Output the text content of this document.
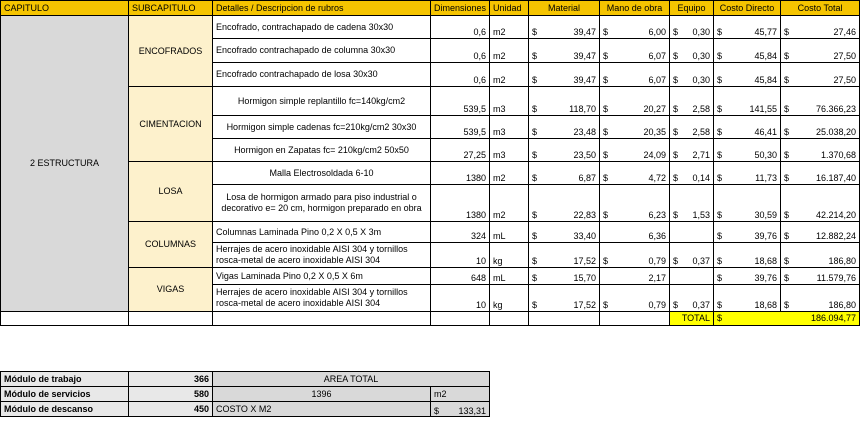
CAPITULO	SUBCAPITULO	Detalles / Descripcion de rubros	Dimensiones	Unidad	Material	Mano de obra	Equipo	Costo Directo	Costo Total
2 ESTRUCTURA	ENCOFRADOS	Encofrado, contrachapado de cadena 30x30	0,6	m2	$ 39,47	$ 6,00	$ 0,30	$ 45,77	$ 27,46

		Encofrado contrachapado de columna 30x30	0,6	m2	$ 39,47	$ 6,07	$ 0,30	$ 45,84	$ 27,50

		Encofrado contrachapado de losa 30x30	0,6	m2	$ 39,47	$ 6,07	$ 0,30	$ 45,84	$ 27,50

	CIMENTACION	Hormigon simple replantillo fc=140kg/cm2	539,5	m3	$ 118,70	$ 20,27	$ 2,58	$ 141,55	$ 76.366,23

		Hormigon simple cadenas fc=210kg/cm2 30x30	539,5	m3	$ 23,48	$ 20,35	$ 2,58	$ 46,41	$ 25.038,20

		Hormigon en Zapatas fc= 210kg/cm2 50x50	27,25	m3	$ 23,50	$ 24,09	$ 2,71	$ 50,30	$ 1.370,68

	LOSA	Malla Electrosoldada 6-10	1380	m2	$ 6,87	$ 4,72	$ 0,14	$ 11,73	$ 16.187,40

		Losa de hormigon armado para piso industrial o decorativo e= 20 cm, hormigon preparado en obra	1380	m2	$ 22,83	$ 6,23	$ 1,53	$ 30,59	$ 42.214,20

	COLUMNAS	Columnas Laminada Pino 0,2 X 0,5 X 3m	324	mL	$ 33,40	6,36		$ 39,76	$ 12.882,24

		Herrajes de acero inoxidable AISI 304 y tornillos rosca-metal de acero inoxidable AISI 304	10	kg	$ 17,52	$ 0,79	$ 0,37	$ 18,68	$ 186,80

	VIGAS	Vigas Laminada Pino 0,2 X 0,5 X 6m	648	mL	$ 15,70	2,17		$ 39,76	$ 11.579,76

		Herrajes de acero inoxidable AISI 304 y tornillos rosca-metal de acero inoxidable AISI 304	10	kg	$ 17,52	$ 0,79	$ 0,37	$ 18,68	$ 186,80

							TOTAL	$ 186.094,77	
Módulo de trabajo	366	AREA TOTAL	
Módulo de servicios	580	1396	m2
Módulo de descanso	450	COSTO X M2	$ 133,31
